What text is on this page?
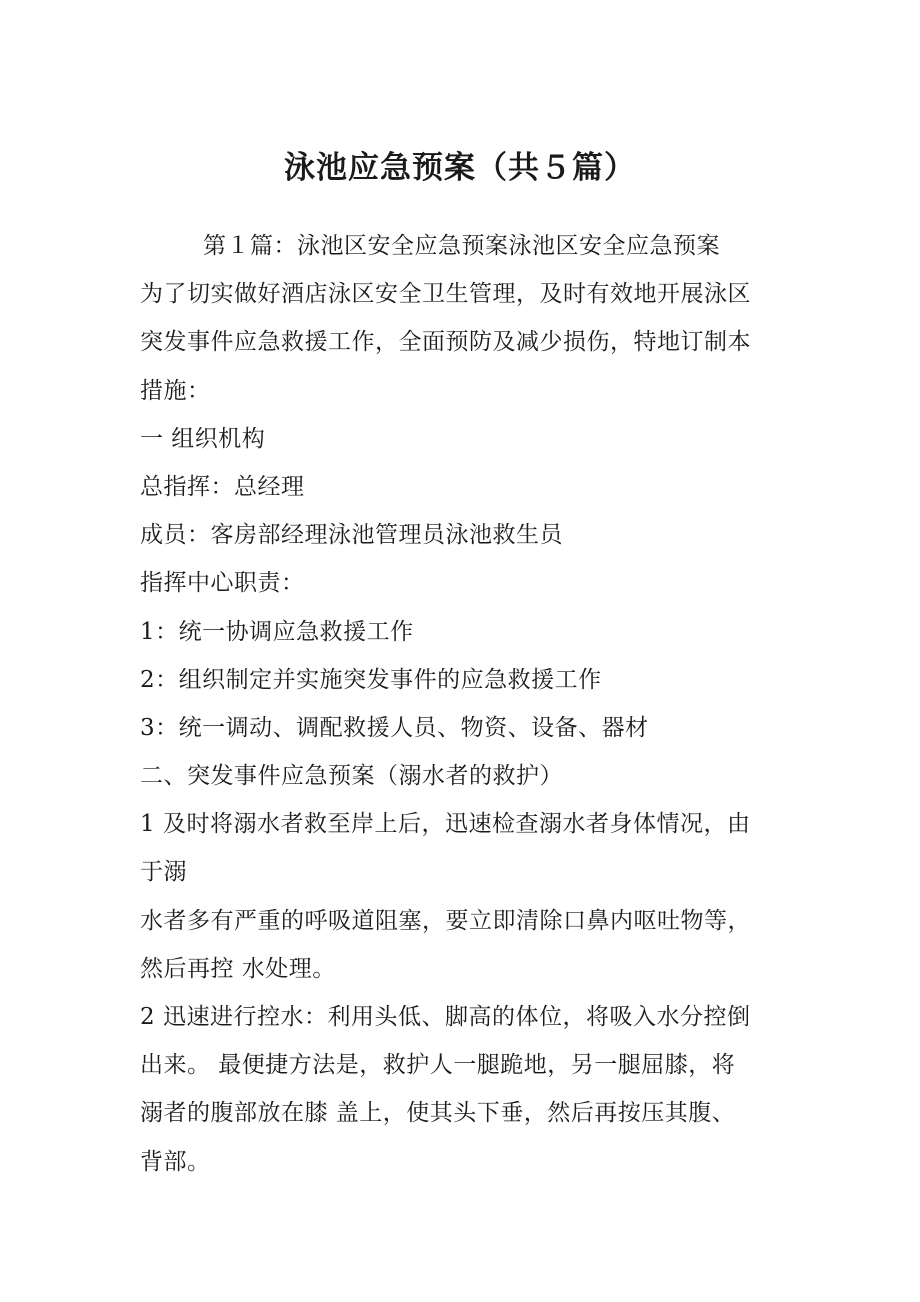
泳池应急预案（共５篇）
第１篇：泳池区安全应急预案泳池区安全应急预案
为了切实做好酒店泳区安全卫生管理，及时有效地开展泳区
突发事件应急救援工作，全面预防及减少损伤，特地订制本
措施：
一 组织机构
总指挥：总经理
成员：客房部经理泳池管理员泳池救生员
指挥中心职责：
1：统一协调应急救援工作
2：组织制定并实施突发事件的应急救援工作
3：统一调动、调配救援人员、物资、设备、器材
二、突发事件应急预案（溺水者的救护）
1 及时将溺水者救至岸上后，迅速检查溺水者身体情况，由
于溺
水者多有严重的呼吸道阻塞，要立即清除口鼻内呕吐物等，
然后再控 水处理。
2 迅速进行控水：利用头低、脚高的体位，将吸入水分控倒
出来。 最便捷方法是，救护人一腿跪地，另一腿屈膝，将
溺者的腹部放在膝 盖上，使其头下垂，然后再按压其腹、
背部。
